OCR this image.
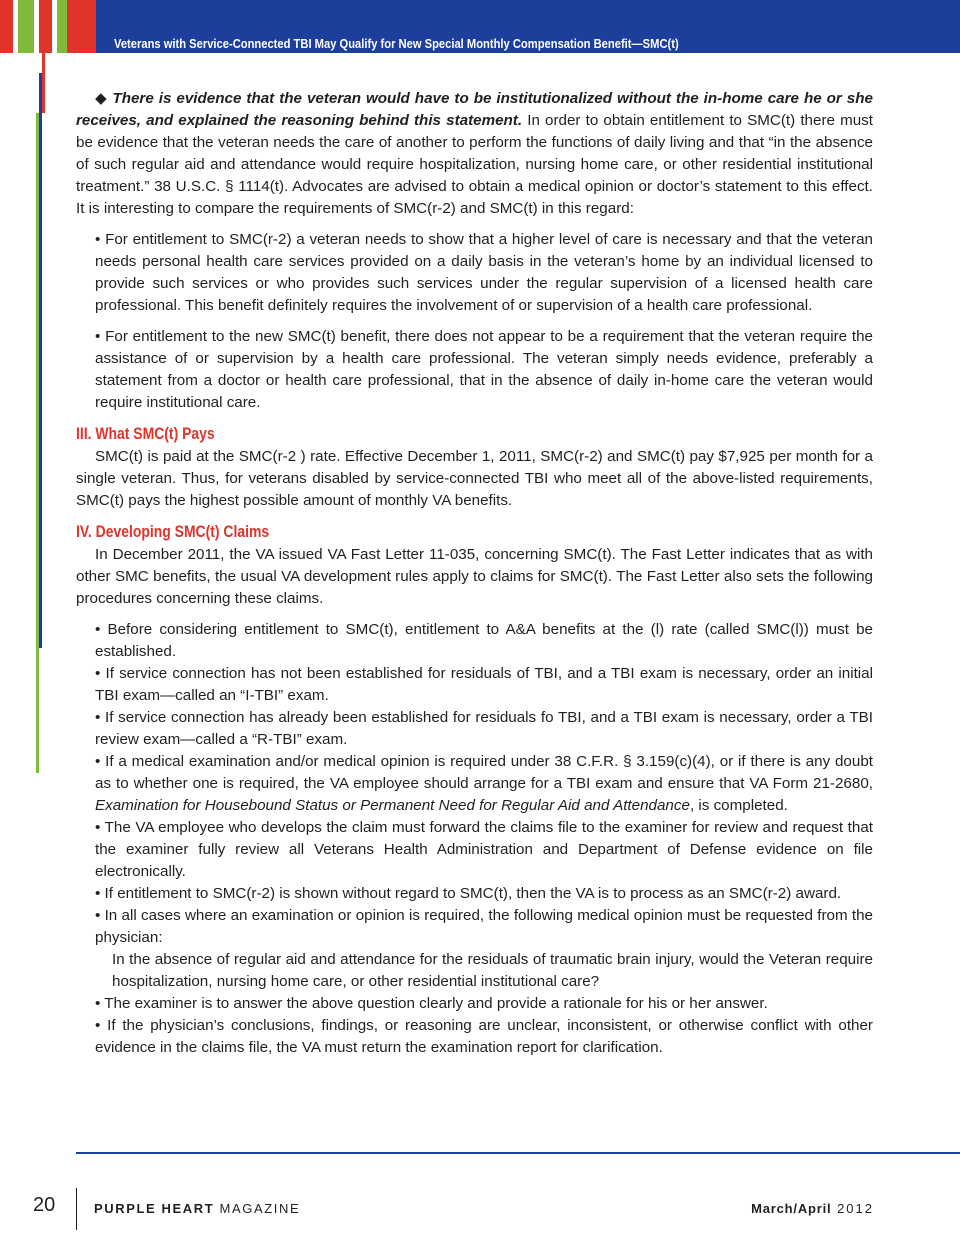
Veterans with Service-Connected TBI May Qualify for New Special Monthly Compensation Benefit—SMC(t)

◆ There is evidence that the veteran would have to be institutionalized without the in-home care he or she receives, and explained the reasoning behind this statement. In order to obtain entitlement to SMC(t) there must be evidence that the veteran needs the care of another to perform the functions of daily living and that “in the absence of such regular aid and attendance would require hospitalization, nursing home care, or other residential institutional treatment.” 38 U.S.C. § 1114(t). Advocates are advised to obtain a medical opinion or doctor’s statement to this effect. It is interesting to compare the requirements of SMC(r-2) and SMC(t) in this regard:

• For entitlement to SMC(r-2) a veteran needs to show that a higher level of care is necessary and that the veteran needs personal health care services provided on a daily basis in the veteran’s home by an individual licensed to provide such services or who provides such services under the regular supervision of a licensed health care professional. This benefit definitely requires the involvement of or supervision of a health care professional.

• For entitlement to the new SMC(t) benefit, there does not appear to be a requirement that the veteran require the assistance of or supervision by a health care professional. The veteran simply needs evidence, preferably a statement from a doctor or health care professional, that in the absence of daily in-home care the veteran would require institutional care.

III. What SMC(t) Pays

SMC(t) is paid at the SMC(r-2 ) rate. Effective December 1, 2011, SMC(r-2) and SMC(t) pay $7,925 per month for a single veteran. Thus, for veterans disabled by service-connected TBI who meet all of the above-listed requirements, SMC(t) pays the highest possible amount of monthly VA benefits.

IV. Developing SMC(t) Claims

In December 2011, the VA issued VA Fast Letter 11-035, concerning SMC(t). The Fast Letter indicates that as with other SMC benefits, the usual VA development rules apply to claims for SMC(t). The Fast Letter also sets the following procedures concerning these claims.

• Before considering entitlement to SMC(t), entitlement to A&A benefits at the (l) rate (called SMC(l)) must be established.

• If service connection has not been established for residuals of TBI, and a TBI exam is necessary, order an initial TBI exam—called an “I-TBI” exam.

• If service connection has already been established for residuals fo TBI, and a TBI exam is necessary, order a TBI review exam—called a “R-TBI” exam.

• If a medical examination and/or medical opinion is required under 38 C.F.R. § 3.159(c)(4), or if there is any doubt as to whether one is required, the VA employee should arrange for a TBI exam and ensure that VA Form 21-2680, Examination for Housebound Status or Permanent Need for Regular Aid and Attendance, is completed.

• The VA employee who develops the claim must forward the claims file to the examiner for review and request that the examiner fully review all Veterans Health Administration and Department of Defense evidence on file electronically.

• If entitlement to SMC(r-2) is shown without regard to SMC(t), then the VA is to process as an SMC(r-2) award.

• In all cases where an examination or opinion is required, the following medical opinion must be requested from the physician:

In the absence of regular aid and attendance for the residuals of traumatic brain injury, would the Veteran require hospitalization, nursing home care, or other residential institutional care?

• The examiner is to answer the above question clearly and provide a rationale for his or her answer.

• If the physician’s conclusions, findings, or reasoning are unclear, inconsistent, or otherwise conflict with other evidence in the claims file, the VA must return the examination report for clarification.

20	PURPLE HEART MAGAZINE	March/April 2012
